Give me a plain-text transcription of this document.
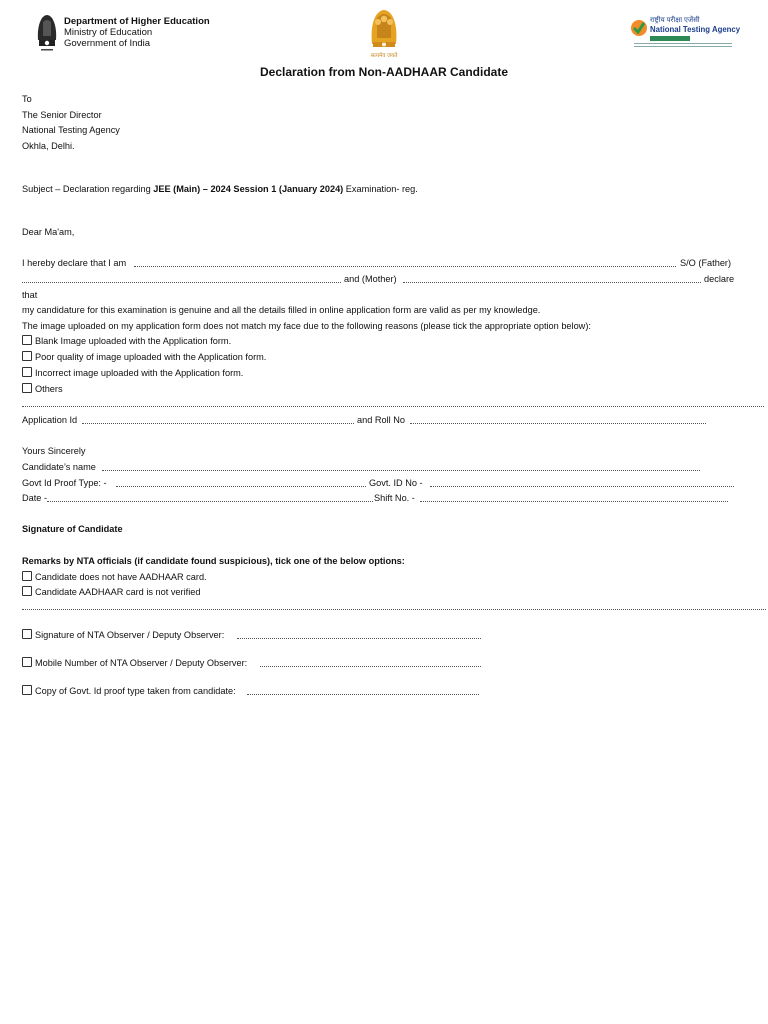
Department of Higher Education
Ministry of Education
Government of India
सत्यमेव जयते
राष्ट्रीय परीक्षा एजेंसी
National Testing Agency
Declaration from Non-AADHAAR Candidate
To
The Senior Director
National Testing Agency
Okhla, Delhi.
Subject – Declaration regarding JEE (Main) – 2024 Session 1 (January 2024) Examination- reg.
Dear Ma'am,
I hereby declare that I am	S/O (Father)
and (Mother)	declare
that
my candidature for this examination is genuine and all the details filled in online application form are valid as per my knowledge.
The image uploaded on my application form does not match my face due to the following reasons (please tick the appropriate option below):
Blank Image uploaded with the Application form.
Poor quality of image uploaded with the Application form.
Incorrect image uploaded with the Application form.
Others
Application Id	and Roll No
Yours Sincerely
Candidate’s name
Govt Id Proof Type: -	Govt. ID No -
Date -	Shift No. -
Signature of Candidate
Remarks by NTA officials (if candidate found suspicious), tick one of the below options:
Candidate does not have AADHAAR card.
Candidate AADHAAR card is not verified
Signature of NTA Observer / Deputy Observer:
Mobile Number of NTA Observer / Deputy Observer:
Copy of Govt. Id proof type taken from candidate:
